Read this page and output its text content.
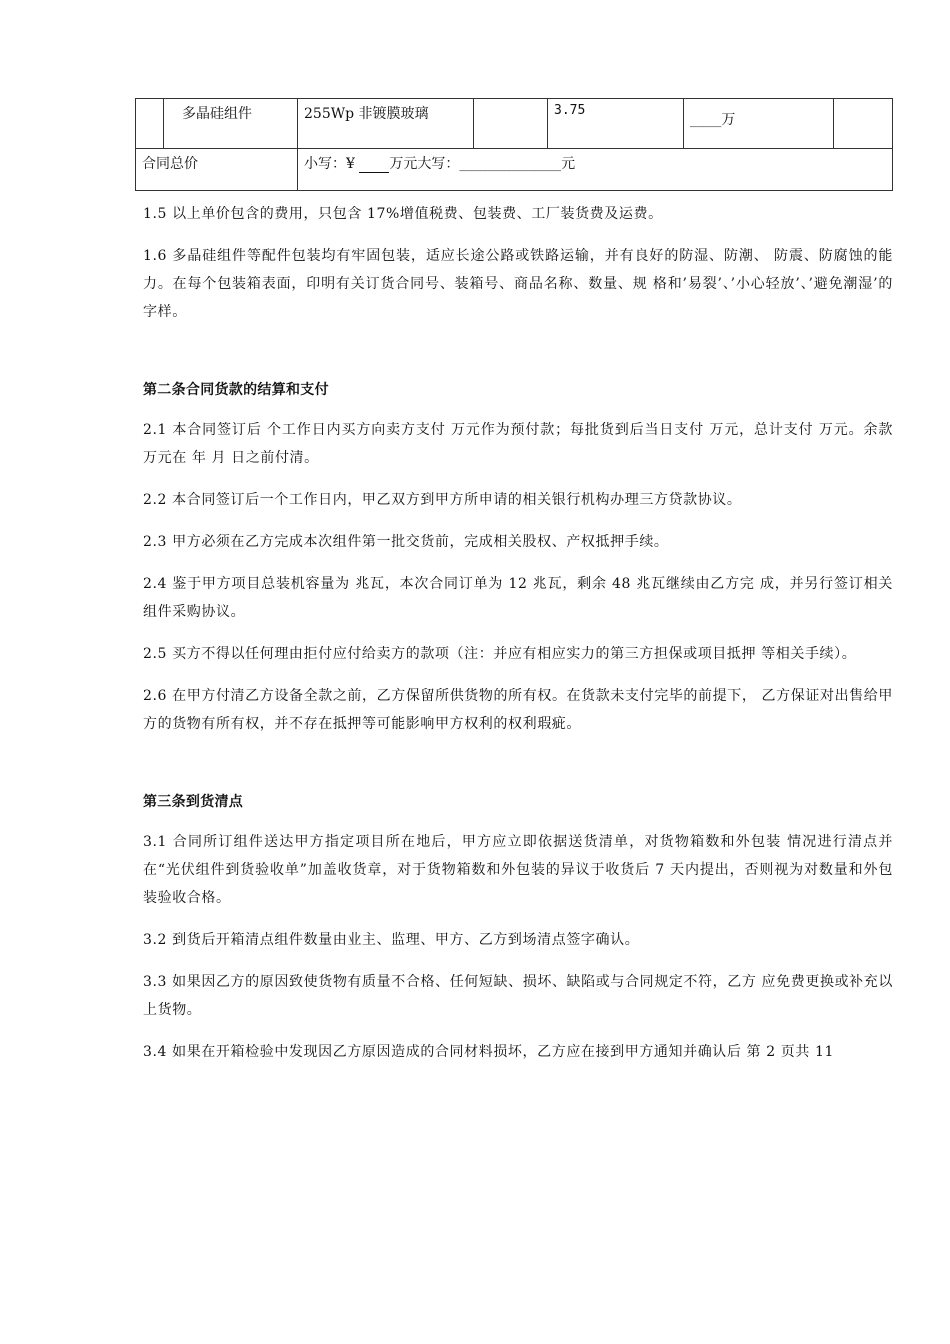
	多晶硅组件	255Wp 非镀膜玻璃		3.75	____万	
合同总价		小写：¥ 万元大写：_____________元				

1.5 以上单价包含的费用，只包含 17%增值税费、包装费、工厂装货费及运费。

1.6 多晶硅组件等配件包装均有牢固包装，适应长途公路或铁路运输，并有良好的防湿、防潮、 防震、防腐蚀的能力。在每个包装箱表面，印明有关订货合同号、装箱号、商品名称、数量、规 格和’易裂’、’小心轻放’、’避免潮湿’的字样。

第二条合同货款的结算和支付

2.1 本合同签订后 个工作日内买方向卖方支付 万元作为预付款；每批货到后当日支付 万元，总计支付 万元。余款 万元在 年 月 日之前付清。

2.2 本合同签订后一个工作日内，甲乙双方到甲方所申请的相关银行机构办理三方贷款协议。

2.3 甲方必须在乙方完成本次组件第一批交货前，完成相关股权、产权抵押手续。

2.4 鉴于甲方项目总装机容量为 兆瓦，本次合同订单为 12 兆瓦，剩余 48 兆瓦继续由乙方完 成，并另行签订相关组件采购协议。

2.5 买方不得以任何理由拒付应付给卖方的款项（注：并应有相应实力的第三方担保或项目抵押 等相关手续）。

2.6 在甲方付清乙方设备全款之前，乙方保留所供货物的所有权。在货款未支付完毕的前提下， 乙方保证对出售给甲方的货物有所有权，并不存在抵押等可能影响甲方权利的权利瑕疵。

第三条到货清点

3.1 合同所订组件送达甲方指定项目所在地后，甲方应立即依据送货清单，对货物箱数和外包装 情况进行清点并在“光伏组件到货验收单”加盖收货章，对于货物箱数和外包装的异议于收货后 7 天内提出，否则视为对数量和外包装验收合格。

3.2 到货后开箱清点组件数量由业主、监理、甲方、乙方到场清点签字确认。

3.3 如果因乙方的原因致使货物有质量不合格、任何短缺、损坏、缺陷或与合同规定不符，乙方 应免费更换或补充以上货物。

3.4 如果在开箱检验中发现因乙方原因造成的合同材料损坏，乙方应在接到甲方通知并确认后 第 2 页共 11
